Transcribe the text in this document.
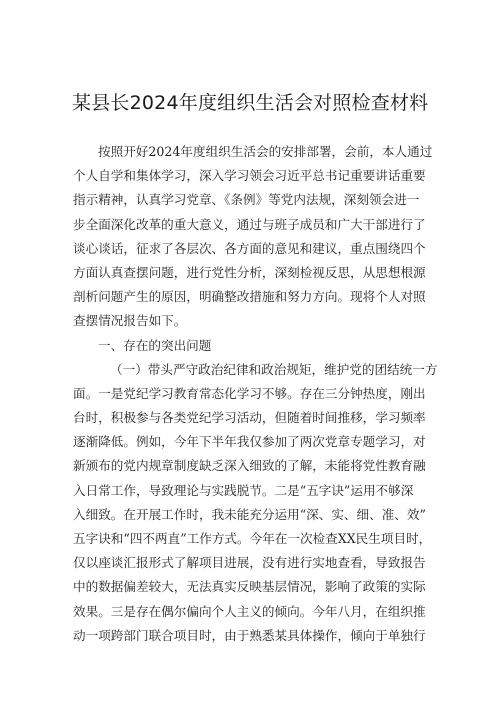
某县长2024年度组织生活会对照检查材料
按照开好2024年度组织生活会的安排部署，会前，本人通过
个人自学和集体学习，深入学习领会习近平总书记重要讲话重要
指示精神，认真学习党章、《条例》等党内法规，深刻领会进一
步全面深化改革的重大意义，通过与班子成员和广大干部进行了
谈心谈话，征求了各层次、各方面的意见和建议，重点围绕四个
方面认真查摆问题，进行党性分析，深刻检视反思，从思想根源
剖析问题产生的原因，明确整改措施和努力方向。现将个人对照
查摆情况报告如下。
一、存在的突出问题
（一）带头严守政治纪律和政治规矩，维护党的团结统一方
面。一是党纪学习教育常态化学习不够。存在三分钟热度，刚出
台时，积极参与各类党纪学习活动，但随着时间推移，学习频率
逐渐降低。例如，今年下半年我仅参加了两次党章专题学习，对
新颁布的党内规章制度缺乏深入细致的了解，未能将党性教育融
入日常工作，导致理论与实践脱节。二是“五字诀”运用不够深
入细致。在开展工作时，我未能充分运用“深、实、细、准、效”
五字诀和“四不两直”工作方式。今年在一次检查XX民生项目时，
仅以座谈汇报形式了解项目进展，没有进行实地查看，导致报告
中的数据偏差较大，无法真实反映基层情况，影响了政策的实际
效果。三是存在偶尔偏向个人主义的倾向。今年八月，在组织推
动一项跨部门联合项目时，由于熟悉某具体操作，倾向于单独行
